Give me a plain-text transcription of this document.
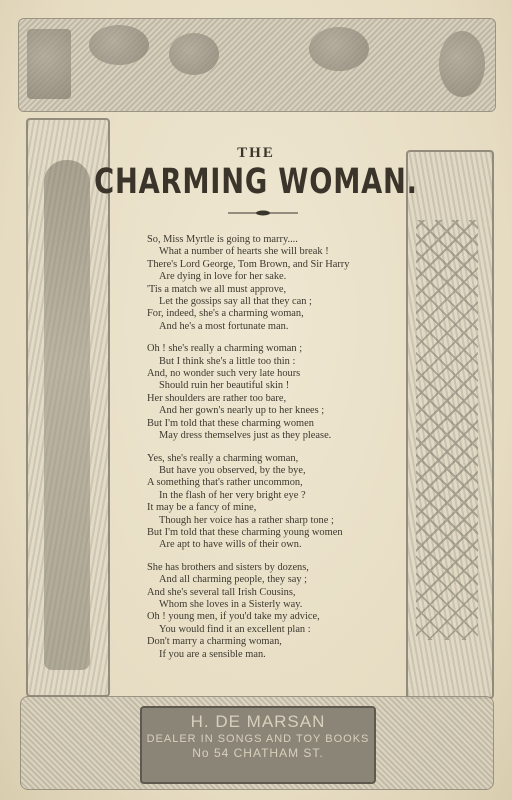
THE
CHARMING WOMAN.
So, Miss Myrtle is going to marry....
What a number of hearts she will break !
There's Lord George, Tom Brown, and Sir Harry
Are dying in love for her sake.
'Tis a match we all must approve,
Let the gossips say all that they can ;
For, indeed, she's a charming woman,
And he's a most fortunate man.
Oh ! she's really a charming woman ;
But I think she's a little too thin :
And, no wonder such very late hours
Should ruin her beautiful skin !
Her shoulders are rather too bare,
And her gown's nearly up to her knees ;
But I'm told that these charming women
May dress themselves just as they please.
Yes, she's really a charming woman,
But have you observed, by the bye,
A something that's rather uncommon,
In the flash of her very bright eye ?
It may be a fancy of mine,
Though her voice has a rather sharp tone ;
But I'm told that these charming young women
Are apt to have wills of their own.
She has brothers and sisters by dozens,
And all charming people, they say ;
And she's several tall Irish Cousins,
Whom she loves in a Sisterly way.
Oh ! young men, if you'd take my advice,
You would find it an excellent plan :
Don't marry a charming woman,
If you are a sensible man.
H. DE MARSAN
DEALER IN SONGS AND TOY BOOKS
No 54 CHATHAM ST.
